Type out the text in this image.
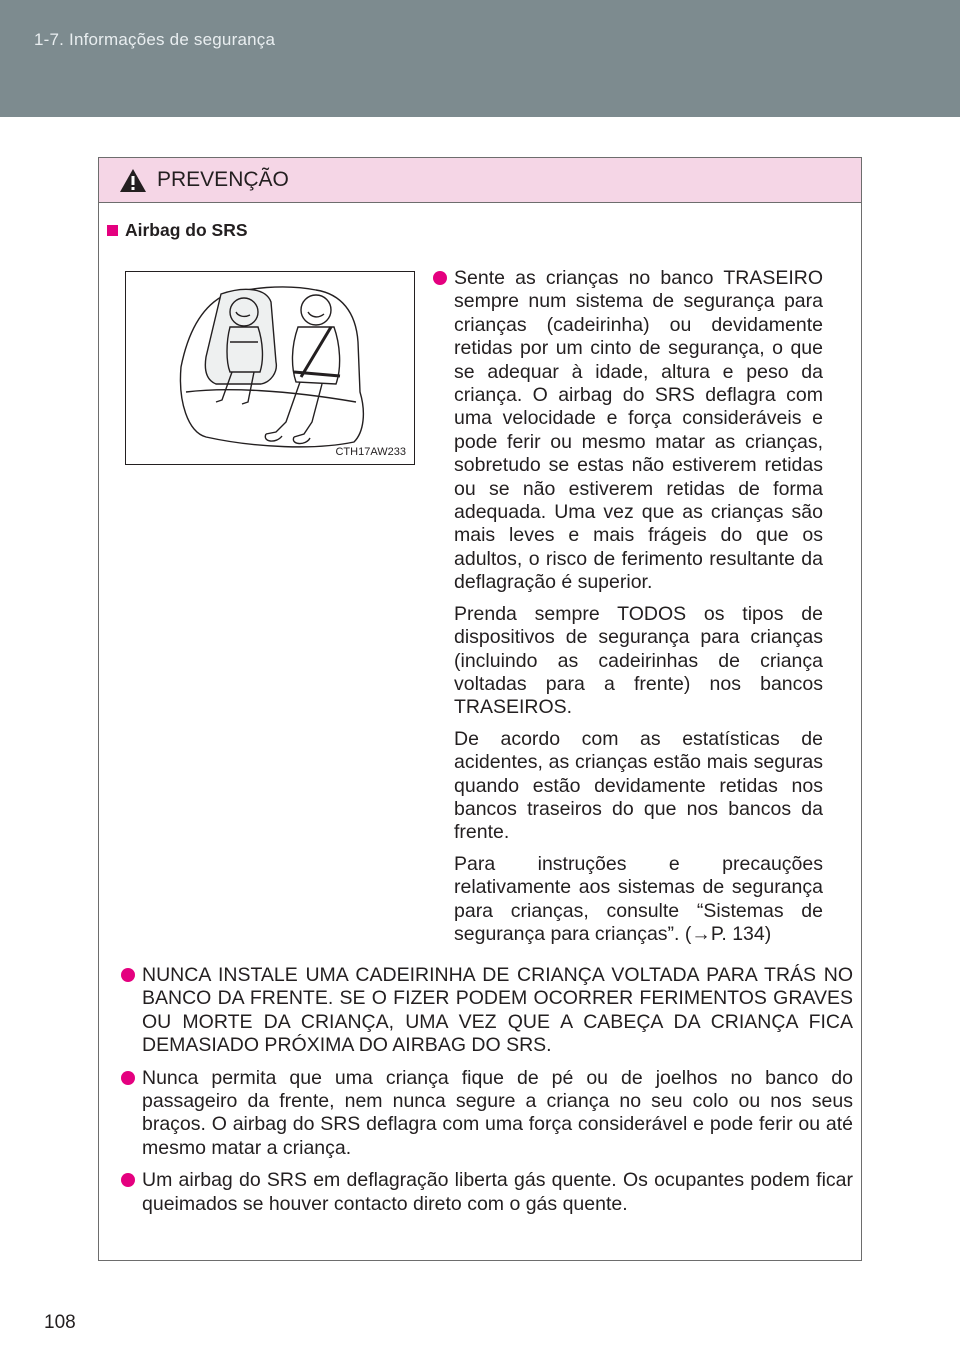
1-7. Informações de segurança
PREVENÇÃO
Airbag do SRS
CTH17AW233

Sente as crianças no banco TRASEIRO sempre num sistema de segurança para crianças (cadeirinha) ou devidamente retidas por um cinto de segurança, o que se adequar à idade, altura e peso da criança. O airbag do SRS deflagra com uma velocidade e força consideráveis e pode ferir ou mesmo matar as crianças, sobretudo se estas não estiverem retidas ou se não estiverem retidas de forma adequada. Uma vez que as crianças são mais leves e mais frágeis do que os adultos, o risco de ferimento resultante da deflagração é superior.

Prenda sempre TODOS os tipos de dispositivos de segurança para crianças (incluindo as cadeirinhas de criança voltadas para a frente) nos bancos TRASEIROS.

De acordo com as estatísticas de acidentes, as crianças estão mais seguras quando estão devidamente retidas nos bancos traseiros do que nos bancos da frente.

Para instruções e precauções relativamente aos sistemas de segurança para crianças, consulte “Sistemas de segurança para crianças”. (→P. 134)

NUNCA INSTALE UMA CADEIRINHA DE CRIANÇA VOLTADA PARA TRÁS NO BANCO DA FRENTE. SE O FIZER PODEM OCORRER FERIMENTOS GRAVES OU MORTE DA CRIANÇA, UMA VEZ QUE A CABEÇA DA CRIANÇA FICA DEMASIADO PRÓXIMA DO AIRBAG DO SRS.

Nunca permita que uma criança fique de pé ou de joelhos no banco do passageiro da frente, nem nunca segure a criança no seu colo ou nos seus braços. O airbag do SRS deflagra com uma força considerável e pode ferir ou até mesmo matar a criança.

Um airbag do SRS em deflagração liberta gás quente. Os ocupantes podem ficar queimados se houver contacto direto com o gás quente.

108
